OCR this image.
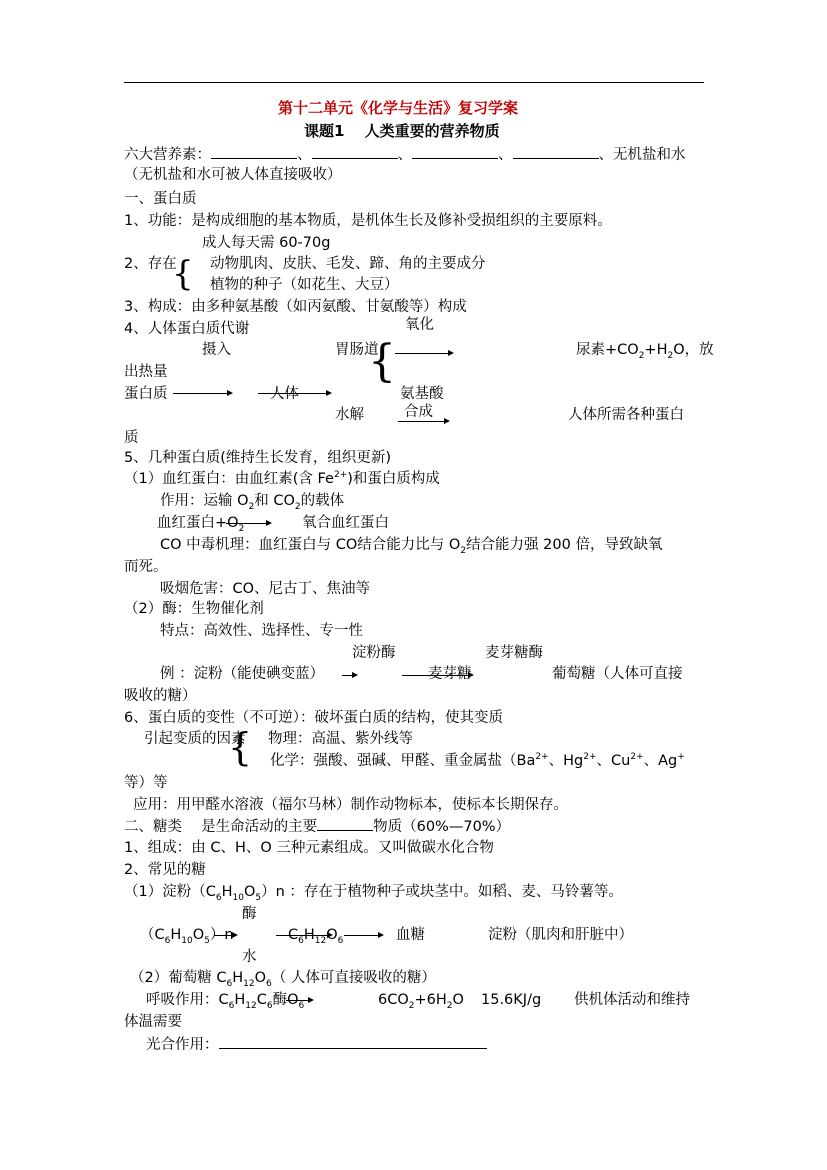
第十二单元《化学与生活》复习学案
课题1　 人类重要的营养物质
六大营养素：	、	、	、	、无机盐和水
（无机盐和水可被人体直接吸收）
一、蛋白质
1、功能：是构成细胞的基本物质，是机体生长及修补受损组织的主要原料。
成人每天需 60-70g
2、存在
{ 动物肌肉、皮肤、毛发、蹄、角的主要成分
植物的种子（如花生、大豆）
3、构成：由多种氨基酸（如丙氨酸、甘氨酸等）构成
4、人体蛋白质代谢	氧化
摄入	胃肠道
{	尿素$+CO_2+H_2O$，放
出热量
蛋白质	人体	氨基酸
水解	合成	人体所需各种蛋白
质
5、几种蛋白质(维持生长发育，组织更新)
（1）血红蛋白：由血红素(含 $Fe^{2+}$)和蛋白质构成
作用：运输 $O_2$和 $CO_2$的载体
血红蛋白$+O_2$	氧合血红蛋白
CO 中毒机理：血红蛋白与 CO结合能力比与 $O_2$结合能力强 200 倍，导致缺氧
而死。
吸烟危害：CO、尼古丁、焦油等
（2）酶：生物催化剂
特点：高效性、选择性、专一性
淀粉酶	麦芽糖酶
例 ：淀粉（能使碘变蓝）	麦芽糖	葡萄糖（人体可直接
吸收的糖）
6、蛋白质的变性（不可逆）：破坏蛋白质的结构，使其变质
引起变质的因素
{ 物理：高温、紫外线等
化学：强酸、强碱、甲醛、重金属盐（$Ba^{2+}$、$Hg^{2+}$、$Cu^{2+}$、Ag+
等）等
应用：用甲醛水溶液（福尔马林）制作动物标本，使标本长期保存。
二、糖类　 是生命活动的主要	物质（60%—70%）
1、组成：由 C、H、O 三种元素组成。又叫做碳水化合物
2、常见的糖
（1）淀粉$(C_6H_{10}O_5)n$ ：存在于植物种子或块茎中。如稻、麦、马铃薯等。
酶
$(C_6H_{10}O_5)n$	$C_6H_{12}O_6$	血糖	淀粉（肌肉和肝脏中）
水
（2）葡萄糖 $C_6H_{12}O_6$（ 人体可直接吸收的糖）
呼吸作用：$C_6H_{12}C_6$酶$O_6$	$6CO_2+6H_2O$ 15.6KJ/g 供机体活动和维持
体温需要
光合作用：
